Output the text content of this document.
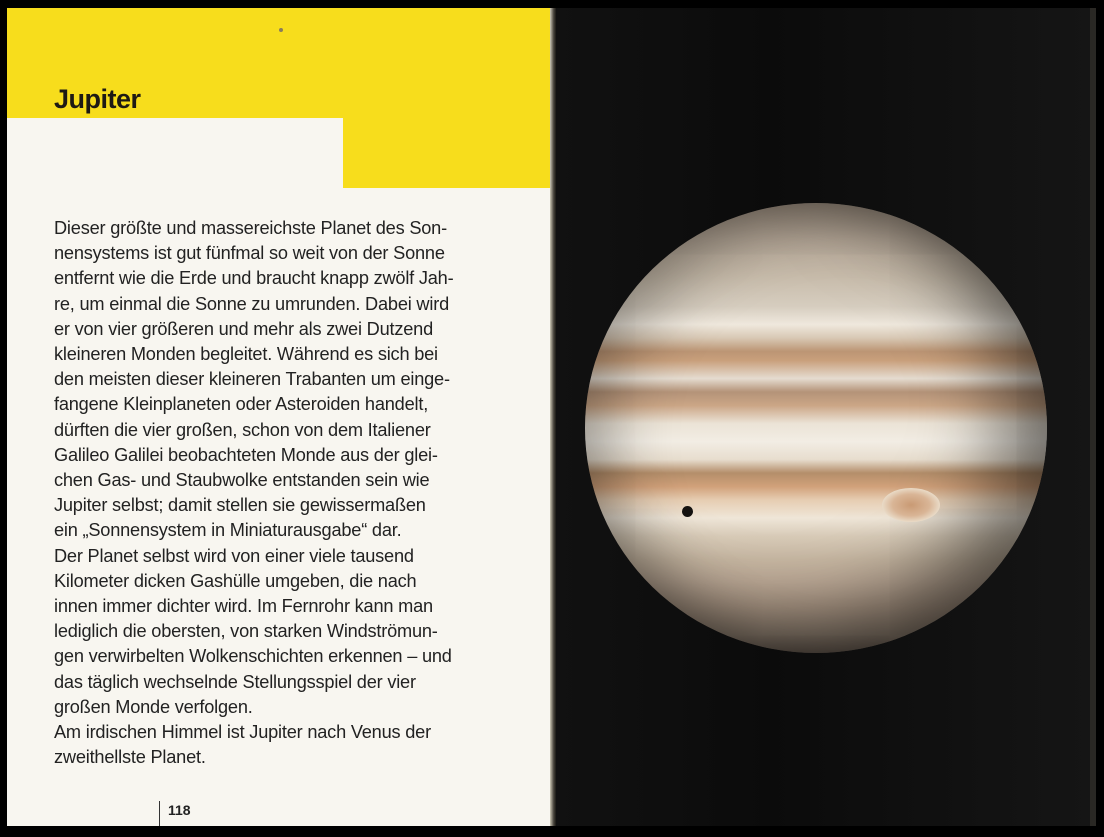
Jupiter
Dieser größte und massereichste Planet des Son-
nensystems ist gut fünfmal so weit von der Sonne
entfernt wie die Erde und braucht knapp zwölf Jah-
re, um einmal die Sonne zu umrunden. Dabei wird
er von vier größeren und mehr als zwei Dutzend
kleineren Monden begleitet. Während es sich bei
den meisten dieser kleineren Trabanten um einge-
fangene Kleinplaneten oder Asteroiden handelt,
dürften die vier großen, schon von dem Italiener
Galileo Galilei beobachteten Monde aus der glei-
chen Gas- und Staubwolke entstanden sein wie
Jupiter selbst; damit stellen sie gewissermaßen
ein „Sonnensystem in Miniaturausgabe“ dar.
Der Planet selbst wird von einer viele tausend
Kilometer dicken Gashülle umgeben, die nach
innen immer dichter wird. Im Fernrohr kann man
lediglich die obersten, von starken Windströmun-
gen verwirbelten Wolkenschichten erkennen – und
das täglich wechselnde Stellungsspiel der vier
großen Monde verfolgen.
Am irdischen Himmel ist Jupiter nach Venus der
zweithellste Planet.
118
